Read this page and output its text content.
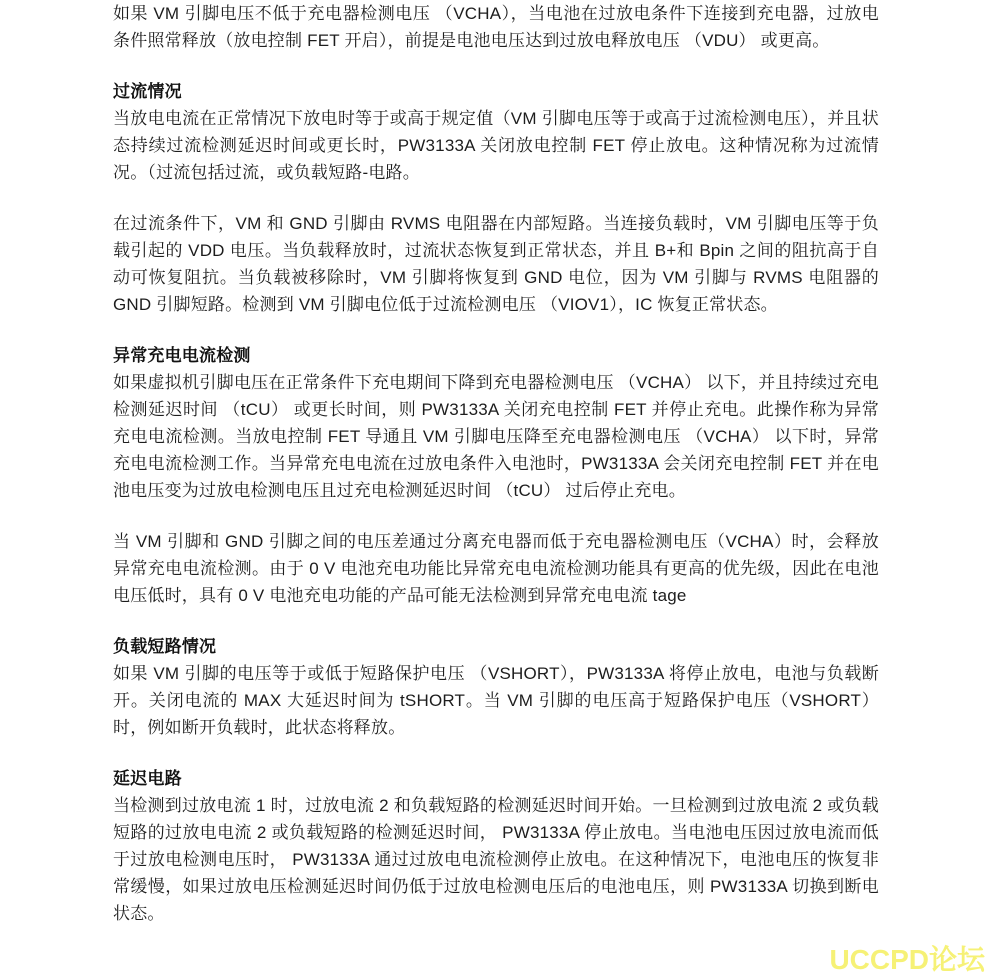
如果 VM 引脚电压不低于充电器检测电压 （VCHA），当电池在过放电条件下连接到充电器，过放电条件照常释放（放电控制 FET 开启），前提是电池电压达到过放电释放电压 （VDU） 或更高。

过流情况

当放电电流在正常情况下放电时等于或高于规定值（VM 引脚电压等于或高于过流检测电压），并且状态持续过流检测延迟时间或更长时，PW3133A 关闭放电控制 FET 停止放电。这种情况称为过流情况。（过流包括过流，或负载短路-电路。

在过流条件下，VM 和 GND 引脚由 RVMS 电阻器在内部短路。当连接负载时，VM 引脚电压等于负载引起的 VDD 电压。当负载释放时，过流状态恢复到正常状态，并且 B+和 Bpin 之间的阻抗高于自动可恢复阻抗。当负载被移除时，VM 引脚将恢复到 GND 电位，因为 VM 引脚与 RVMS 电阻器的 GND 引脚短路。检测到 VM 引脚电位低于过流检测电压 （VIOV1），IC 恢复正常状态。

异常充电电流检测

如果虚拟机引脚电压在正常条件下充电期间下降到充电器检测电压 （VCHA） 以下，并且持续过充电检测延迟时间 （tCU） 或更长时间，则 PW3133A 关闭充电控制 FET 并停止充电。此操作称为异常充电电流检测。当放电控制 FET 导通且 VM 引脚电压降至充电器检测电压 （VCHA） 以下时，异常充电电流检测工作。当异常充电电流在过放电条件入电池时，PW3133A 会关闭充电控制 FET 并在电池电压变为过放电检测电压且过充电检测延迟时间 （tCU） 过后停止充电。

当 VM 引脚和 GND 引脚之间的电压差通过分离充电器而低于充电器检测电压（VCHA）时，会释放异常充电电流检测。由于 0 V 电池充电功能比异常充电电流检测功能具有更高的优先级，因此在电池电压低时，具有 0 V 电池充电功能的产品可能无法检测到异常充电电流 tage

负载短路情况

如果 VM 引脚的电压等于或低于短路保护电压 （VSHORT），PW3133A 将停止放电，电池与负载断开。关闭电流的 MAX 大延迟时间为 tSHORT。当 VM 引脚的电压高于短路保护电压（VSHORT）时，例如断开负载时，此状态将释放。

延迟电路

当检测到过放电流 1 时，过放电流 2 和负载短路的检测延迟时间开始。一旦检测到过放电流 2 或负载短路的过放电电流 2 或负载短路的检测延迟时间， PW3133A 停止放电。当电池电压因过放电流而低于过放电检测电压时， PW3133A 通过过放电电流检测停止放电。在这种情况下，电池电压的恢复非常缓慢，如果过放电压检测延迟时间仍低于过放电检测电压后的电池电压，则 PW3133A 切换到断电状态。

UCCPD论坛
